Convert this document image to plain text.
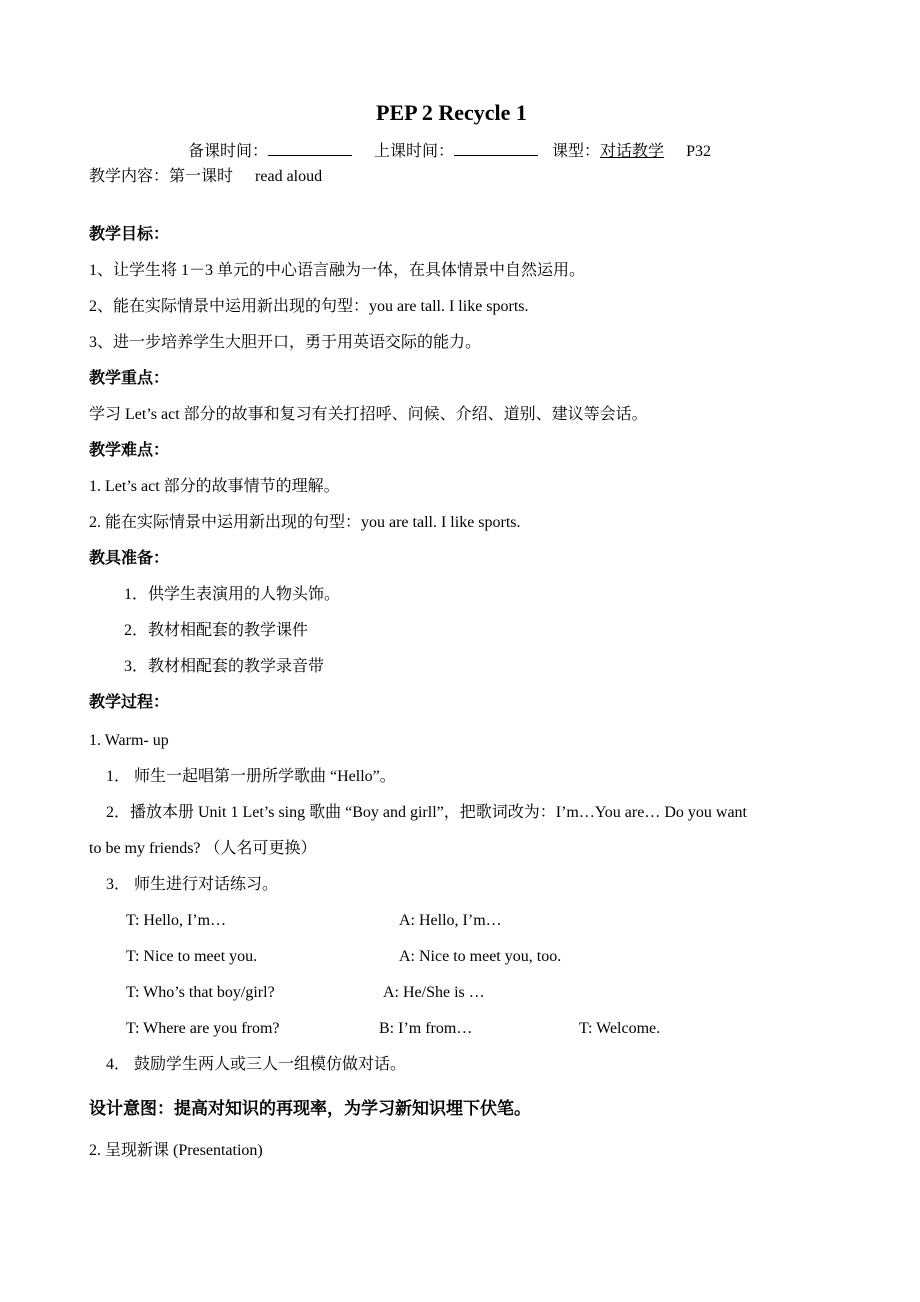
PEP 2 Recycle 1
备课时间：	上课时间：	课型：对话教学 P32
教学内容：第一课时 read aloud
教学目标：
1、让学生将 1－3 单元的中心语言融为一体，在具体情景中自然运用。
2、能在实际情景中运用新出现的句型：you are tall. I like sports.
3、进一步培养学生大胆开口，勇于用英语交际的能力。
教学重点：
学习 Let’s act 部分的故事和复习有关打招呼、问候、介绍、道别、建议等会话。
教学难点：
1. Let’s act 部分的故事情节的理解。
2. 能在实际情景中运用新出现的句型：you are tall. I like sports.
教具准备：
1．供学生表演用的人物头饰。
2．教材相配套的教学课件
3．教材相配套的教学录音带
教学过程：
1. Warm- up
1． 师生一起唱第一册所学歌曲 “Hello”。
2．播放本册 Unit 1 Let’s sing 歌曲 “Boy and girll”，把歌词改为：I’m…You are… Do you want
to be my friends? （人名可更换）
3． 师生进行对话练习。
T: Hello, I’m…	A: Hello, I’m…
T: Nice to meet you.	A: Nice to meet you, too.
T: Who’s that boy/girl?	A: He/She is …
T: Where are you from?	B: I’m from…	T: Welcome.
4． 鼓励学生两人或三人一组模仿做对话。
设计意图：提高对知识的再现率，为学习新知识埋下伏笔。
2. 呈现新课 (Presentation)
